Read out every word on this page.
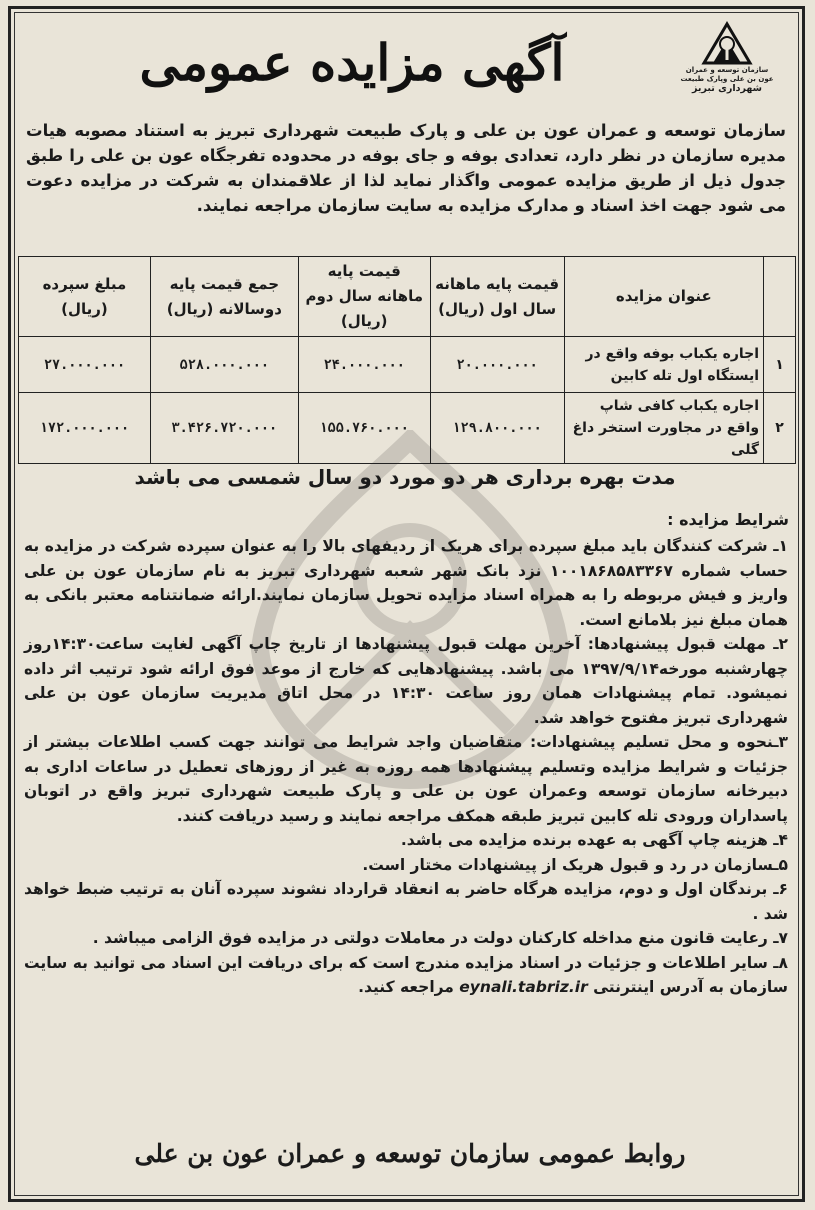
آگهی مزایده عمومی	سازمان توسعه و عمران
عون بن علی وپارک طبیعت
شهرداری تبریز
سازمان توسعه و عمران عون بن علی و پارک طبیعت شهرداری تبریز به استناد مصوبه هیات مدیره سازمان در نظر دارد، تعدادی بوفه و جای بوفه در محدوده تفرجگاه عون بن علی را طبق جدول ذیل از طریق مزایده عمومی واگذار نماید لذا از علاقمندان به شرکت در مزایده دعوت می شود جهت اخذ اسناد و مدارک مزایده به سایت سازمان مراجعه نمایند.
	عنوان مزایده	قیمت پایه ماهانه سال اول (ریال)	قیمت پایه ماهانه سال دوم (ریال)	جمع قیمت پایه دوسالانه (ریال)	مبلغ سپرده (ریال)
۱	اجاره یکباب بوفه واقع در ایستگاه اول تله کابین	۲۰.۰۰۰.۰۰۰	۲۴.۰۰۰.۰۰۰	۵۲۸.۰۰۰.۰۰۰	۲۷.۰۰۰.۰۰۰
۲	اجاره یکباب کافی شاپ واقع در مجاورت استخر داغ گلی	۱۲۹.۸۰۰.۰۰۰	۱۵۵.۷۶۰.۰۰۰	۳.۴۲۶.۷۲۰.۰۰۰	۱۷۲.۰۰۰.۰۰۰
مدت بهره برداری هر دو مورد دو سال شمسی می باشد
شرایط مزایده :
۱ـ شرکت کنندگان باید مبلغ سپرده برای هریک از ردیفهای بالا را به عنوان سپرده شرکت در مزایده به حساب شماره ۱۰۰۱۸۶۸۵۸۳۳۶۷ نزد بانک شهر شعبه شهرداری تبریز به نام سازمان عون بن علی واریز و فیش مربوطه را به همراه اسناد مزایده تحویل سازمان نمایند.ارائه ضمانتنامه معتبر بانکی به همان مبلغ نیز بلامانع است.
۲ـ مهلت قبول پیشنهادها: آخرین مهلت قبول پیشنهادها از تاریخ چاپ آگهی لغایت ساعت۱۴:۳۰روز چهارشنبه مورخه۱۳۹۷/۹/۱۴ می باشد. پیشنهادهایی که خارج از موعد فوق ارائه شود ترتیب اثر داده نمیشود. تمام پیشنهادات همان روز ساعت ۱۴:۳۰ در محل اتاق مدیریت سازمان عون بن علی شهرداری تبریز مفتوح خواهد شد.
۳ـنحوه و محل تسلیم پیشنهادات: متقاضیان واجد شرایط می توانند جهت کسب اطلاعات بیشتر از جزئیات و شرایط مزایده وتسلیم پیشنهادها همه روزه به غیر از روزهای تعطیل در ساعات اداری به دبیرخانه سازمان توسعه وعمران عون بن علی و پارک طبیعت شهرداری تبریز واقع در اتوبان پاسداران ورودی تله کابین تبریز طبقه همکف مراجعه نمایند و رسید دریافت کنند.
۴ـ هزینه چاپ آگهی به عهده برنده مزایده می باشد.
۵ـسازمان در رد و قبول هریک از پیشنهادات مختار است.
۶ـ برندگان اول و دوم، مزایده هرگاه حاضر به انعقاد قرارداد نشوند سپرده آنان به ترتیب ضبط خواهد شد .
۷ـ رعایت قانون منع مداخله کارکنان دولت در معاملات دولتی در مزایده فوق الزامی میباشد .
۸ـ سایر اطلاعات و جزئیات در اسناد مزایده مندرج است که برای دریافت این اسناد می توانید به سایت سازمان به آدرس اینترنتی eynali.tabriz.ir مراجعه کنید.
روابط عمومی سازمان توسعه و عمران عون بن علی
